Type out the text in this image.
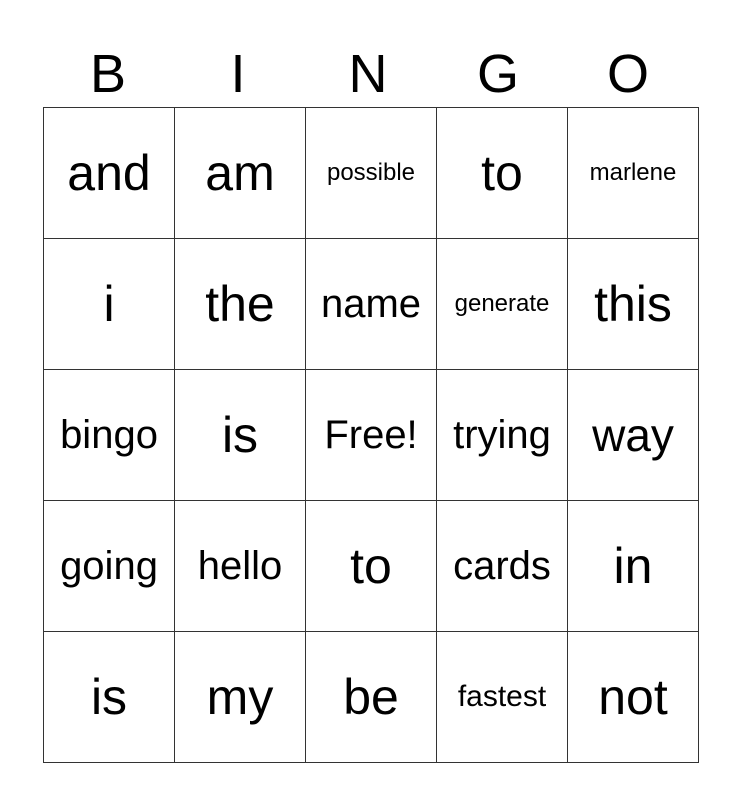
B	I	N	G	O
and	am	possible	to	marlene
i	the	name	generate	this
bingo	is	Free!	trying	way
going	hello	to	cards	in
is	my	be	fastest	not
